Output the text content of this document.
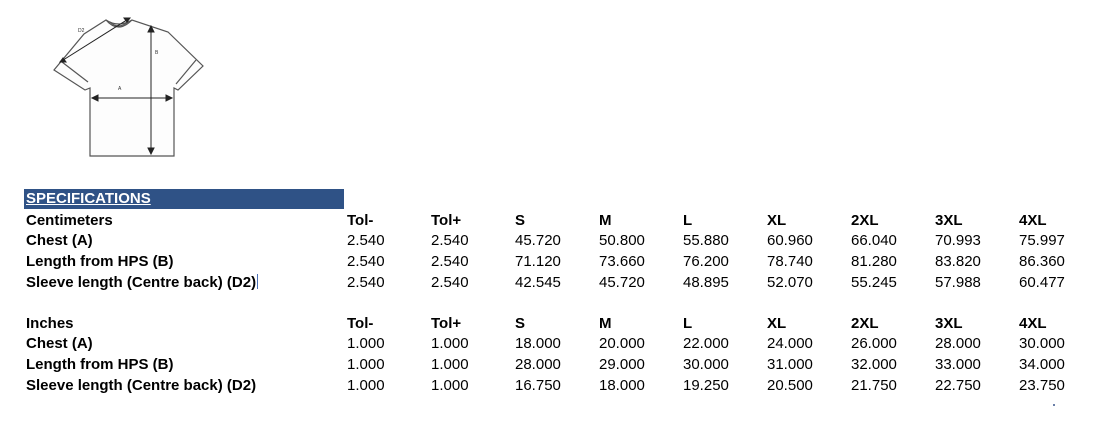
D2
B
A
SPECIFICATIONS
Centimeters	Tol-	Tol+	S	M	L	XL	2XL	3XL	4XL
Chest (A)	2.540	2.540	45.720	50.800	55.880	60.960	66.040	70.993	75.997
Length from HPS (B)	2.540	2.540	71.120	73.660	76.200	78.740	81.280	83.820	86.360
Sleeve length (Centre back) (D2)	2.540	2.540	42.545	45.720	48.895	52.070	55.245	57.988	60.477
Inches	Tol-	Tol+	S	M	L	XL	2XL	3XL	4XL
Chest (A)	1.000	1.000	18.000	20.000	22.000	24.000	26.000	28.000	30.000
Length from HPS (B)	1.000	1.000	28.000	29.000	30.000	31.000	32.000	33.000	34.000
Sleeve length (Centre back) (D2)	1.000	1.000	16.750	18.000	19.250	20.500	21.750	22.750	23.750
